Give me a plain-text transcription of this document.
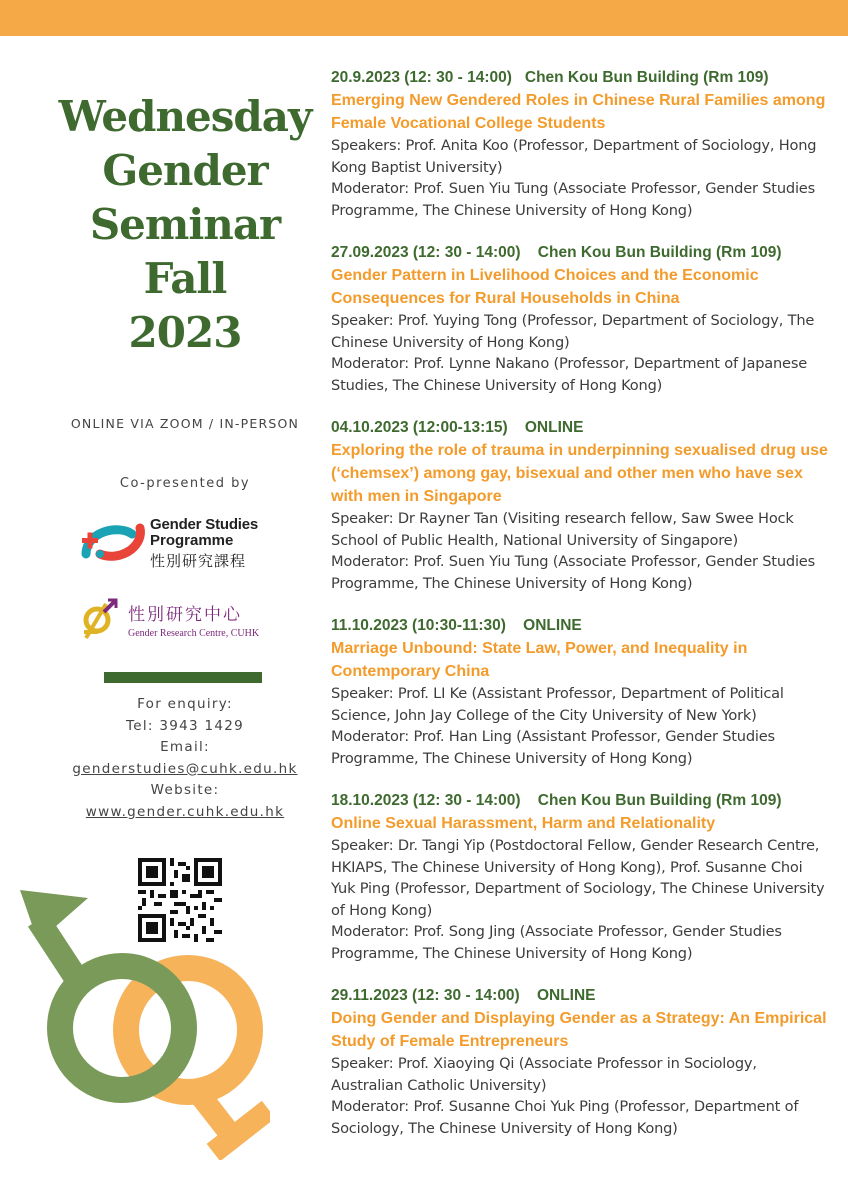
Wednesday
Gender
Seminar
Fall
2023
ONLINE VIA ZOOM / IN-PERSON
Co-presented by
Gender Studies
Programme
性別研究課程
性別研究中心
Gender Research Centre, CUHK
For enquiry:
Tel: 3943 1429
Email:
genderstudies@cuhk.edu.hk
Website:
www.gender.cuhk.edu.hk
20.9.2023 (12: 30 - 14:00)   Chen Kou Bun Building (Rm 109)
Emerging New Gendered Roles in Chinese Rural Families among Female Vocational College Students
Speakers: Prof. Anita Koo (Professor, Department of Sociology, Hong Kong Baptist University)
Moderator: Prof. Suen Yiu Tung (Associate Professor, Gender Studies Programme, The Chinese University of Hong Kong)
27.09.2023 (12: 30 - 14:00)    Chen Kou Bun Building (Rm 109)
Gender Pattern in Livelihood Choices and the Economic Consequences for Rural Households in China
Speaker: Prof. Yuying Tong (Professor, Department of Sociology, The Chinese University of Hong Kong)
Moderator: Prof. Lynne Nakano (Professor, Department of Japanese Studies, The Chinese University of Hong Kong)
04.10.2023 (12:00-13:15)    ONLINE
Exploring the role of trauma in underpinning sexualised drug use (‘chemsex’) among gay, bisexual and other men who have sex with men in Singapore
Speaker: Dr Rayner Tan (Visiting research fellow, Saw Swee Hock School of Public Health, National University of Singapore)
Moderator: Prof. Suen Yiu Tung (Associate Professor, Gender Studies Programme, The Chinese University of Hong Kong)
11.10.2023 (10:30-11:30)    ONLINE
Marriage Unbound: State Law, Power, and Inequality in Contemporary China
Speaker: Prof. LI Ke (Assistant Professor, Department of Political Science, John Jay College of the City University of New York)
Moderator: Prof. Han Ling (Assistant Professor, Gender Studies Programme, The Chinese University of Hong Kong)
18.10.2023 (12: 30 - 14:00)    Chen Kou Bun Building (Rm 109)
Online Sexual Harassment, Harm and Relationality
Speaker: Dr. Tangi Yip (Postdoctoral Fellow, Gender Research Centre, HKIAPS, The Chinese University of Hong Kong), Prof. Susanne Choi Yuk Ping (Professor, Department of Sociology, The Chinese University of Hong Kong)
Moderator: Prof. Song Jing (Associate Professor, Gender Studies Programme, The Chinese University of Hong Kong)
29.11.2023 (12: 30 - 14:00)    ONLINE
Doing Gender and Displaying Gender as a Strategy: An Empirical Study of Female Entrepreneurs
Speaker: Prof. Xiaoying Qi (Associate Professor in Sociology, Australian Catholic University)
Moderator: Prof. Susanne Choi Yuk Ping (Professor, Department of Sociology, The Chinese University of Hong Kong)
